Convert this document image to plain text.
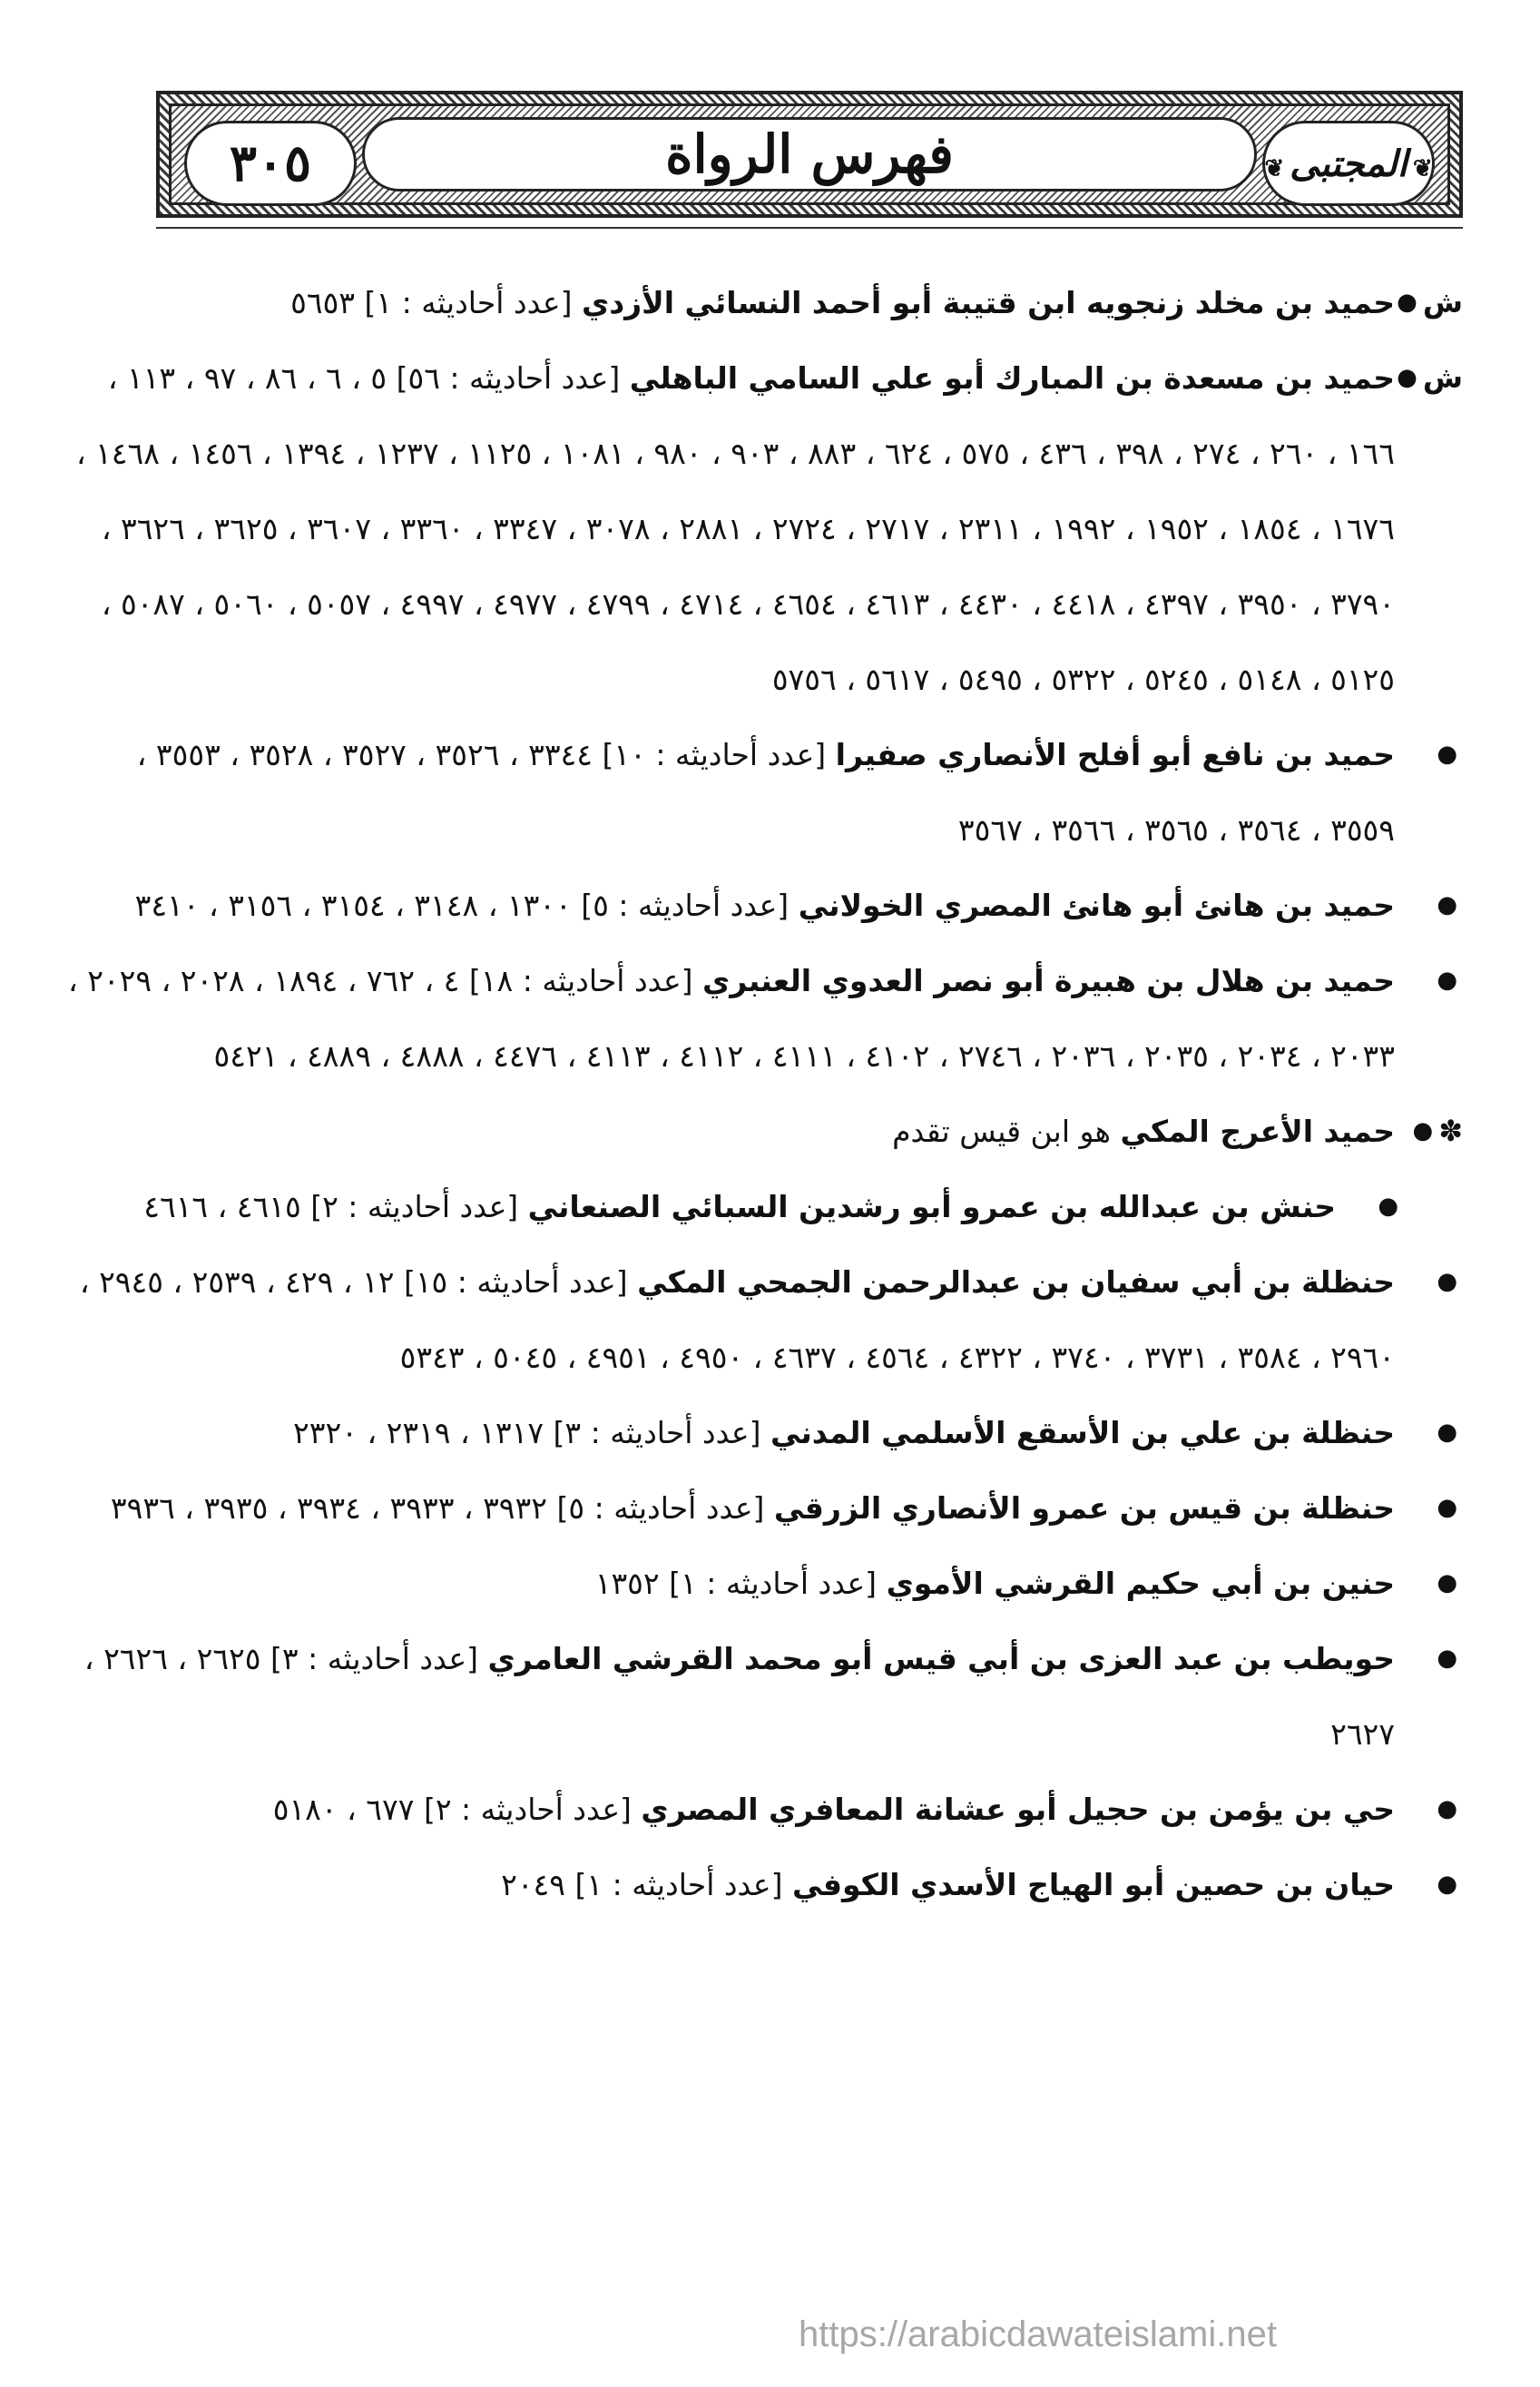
٣٠٥	فهرس الرواة
❦	المجتبى ❦
ش
●
حميد بن مخلد زنجويه ابن قتيبة أبو أحمد النسائي الأزدي [عدد أحاديثه : ١] ٥٦٥٣
ش
●
حميد بن مسعدة بن المبارك أبو علي السامي الباهلي [عدد أحاديثه : ٥٦] ٥ ، ٦ ، ٨٦ ، ٩٧ ، ١١٣ ، ١٦٦ ، ٢٦٠ ، ٢٧٤ ، ٣٩٨ ، ٤٣٦ ، ٥٧٥ ، ٦٢٤ ، ٨٨٣ ، ٩٠٣ ، ٩٨٠ ، ١٠٨١ ، ١١٢٥ ، ١٢٣٧ ، ١٣٩٤ ، ١٤٥٦ ، ١٤٦٨ ، ١٦٧٦ ، ١٨٥٤ ، ١٩٥٢ ، ١٩٩٢ ، ٢٣١١ ، ٢٧١٧ ، ٢٧٢٤ ، ٢٨٨١ ، ٣٠٧٨ ، ٣٣٤٧ ، ٣٣٦٠ ، ٣٦٠٧ ، ٣٦٢٥ ، ٣٦٢٦ ، ٣٧٩٠ ، ٣٩٥٠ ، ٤٣٩٧ ، ٤٤١٨ ، ٤٤٣٠ ، ٤٦١٣ ، ٤٦٥٤ ، ٤٧١٤ ، ٤٧٩٩ ، ٤٩٧٧ ، ٤٩٩٧ ، ٥٠٥٧ ، ٥٠٦٠ ، ٥٠٨٧ ، ٥١٢٥ ، ٥١٤٨ ، ٥٢٤٥ ، ٥٣٢٢ ، ٥٤٩٥ ، ٥٦١٧ ، ٥٧٥٦
●
حميد بن نافع أبو أفلح الأنصاري صفيرا [عدد أحاديثه : ١٠] ٣٣٤٤ ، ٣٥٢٦ ، ٣٥٢٧ ، ٣٥٢٨ ، ٣٥٥٣ ، ٣٥٥٩ ، ٣٥٦٤ ، ٣٥٦٥ ، ٣٥٦٦ ، ٣٥٦٧
●
حميد بن هانئ أبو هانئ المصري الخولاني [عدد أحاديثه : ٥] ١٣٠٠ ، ٣١٤٨ ، ٣١٥٤ ، ٣١٥٦ ، ٣٤١٠
●
حميد بن هلال بن هبيرة أبو نصر العدوي العنبري [عدد أحاديثه : ١٨] ٤ ، ٧٦٢ ، ١٨٩٤ ، ٢٠٢٨ ، ٢٠٢٩ ، ٢٠٣٣ ، ٢٠٣٤ ، ٢٠٣٥ ، ٢٠٣٦ ، ٢٧٤٦ ، ٤١٠٢ ، ٤١١١ ، ٤١١٢ ، ٤١١٣ ، ٤٤٧٦ ، ٤٨٨٨ ، ٤٨٨٩ ، ٥٤٢١
✽
●
حميد الأعرج المكي هو ابن قيس تقدم
●
حنش بن عبدالله بن عمرو أبو رشدين السبائي الصنعاني [عدد أحاديثه : ٢] ٤٦١٥ ، ٤٦١٦
●
حنظلة بن أبي سفيان بن عبدالرحمن الجمحي المكي [عدد أحاديثه : ١٥] ١٢ ، ٤٢٩ ، ٢٥٣٩ ، ٢٩٤٥ ، ٢٩٦٠ ، ٣٥٨٤ ، ٣٧٣١ ، ٣٧٤٠ ، ٤٣٢٢ ، ٤٥٦٤ ، ٤٦٣٧ ، ٤٩٥٠ ، ٤٩٥١ ، ٥٠٤٥ ، ٥٣٤٣
●
حنظلة بن علي بن الأسقع الأسلمي المدني [عدد أحاديثه : ٣] ١٣١٧ ، ٢٣١٩ ، ٢٣٢٠
●
حنظلة بن قيس بن عمرو الأنصاري الزرقي [عدد أحاديثه : ٥] ٣٩٣٢ ، ٣٩٣٣ ، ٣٩٣٤ ، ٣٩٣٥ ، ٣٩٣٦
●
حنين بن أبي حكيم القرشي الأموي [عدد أحاديثه : ١] ١٣٥٢
●
حويطب بن عبد العزى بن أبي قيس أبو محمد القرشي العامري [عدد أحاديثه : ٣] ٢٦٢٥ ، ٢٦٢٦ ، ٢٦٢٧
●
حي بن يؤمن بن حجيل أبو عشانة المعافري المصري [عدد أحاديثه : ٢] ٦٧٧ ، ٥١٨٠
●
حيان بن حصين أبو الهياج الأسدي الكوفي [عدد أحاديثه : ١] ٢٠٤٩
https://arabicdawateislami.net
